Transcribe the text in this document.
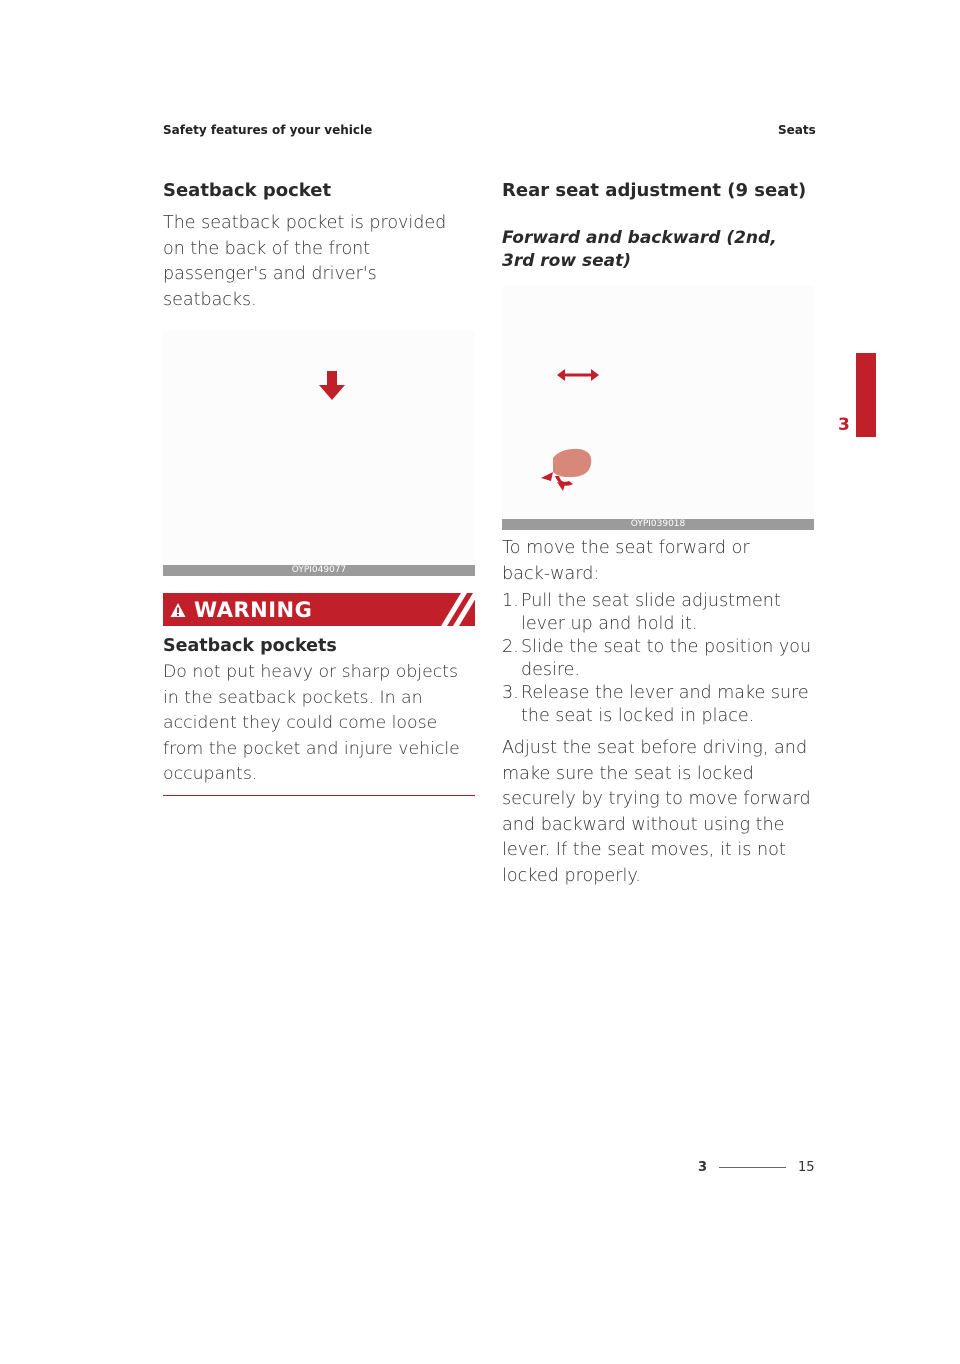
Safety features of your vehicle	Seats
Seatback pocket

The seatback pocket is provided on the back of the front passenger's and driver's seatbacks.

OYPI049077
WARNING
Seatback pockets

Do not put heavy or sharp objects in the seatback pockets. In an accident they could come loose from the pocket and injure vehicle occupants.

Rear seat adjustment (9 seat)
Forward and backward (2nd, 3rd row seat)
OYPI039018

To move the seat forward or back-ward:

1. Pull the seat slide adjustment lever up and hold it.
2. Slide the seat to the position you desire.
3. Release the lever and make sure the seat is locked in place.

Adjust the seat before driving, and make sure the seat is locked securely by trying to move forward and backward without using the lever. If the seat moves, it is not locked properly.

3
3	15
